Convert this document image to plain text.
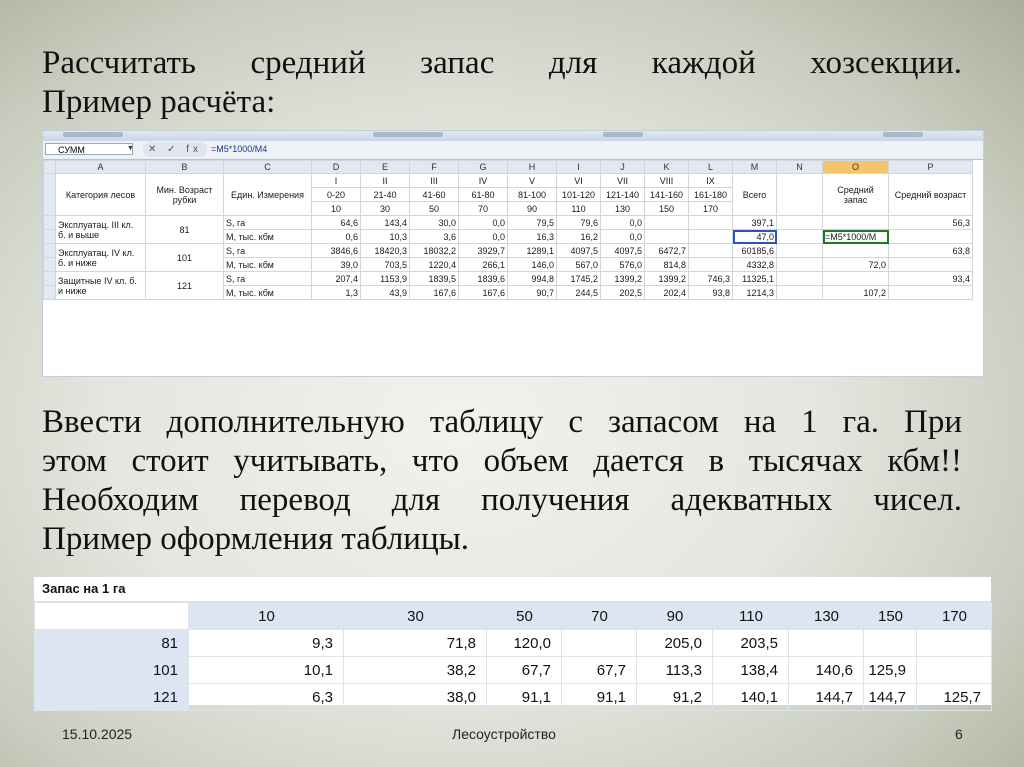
Рассчитать средний запас для каждой хозсекции.
Пример расчёта:
СУММ	▼	✕ ✓ fx =M5*1000/M4
	A	B	C	D	E	F	G	H	I	J	K	L	M	N	O	P
	Категория лесов	Мин. Возраст рубки	Един. Измерения	I	II	III	IV	V	VI	VII	VIII	IX	Всего		Средний запас	Средний возраст
				0-20	21-40	41-60	61-80	81-100	101-120	121-140	141-160	161-180				
				10	30	50	70	90	110	130	150	170				
	Эксплуатац. III кл. б. и выше	81	S, га	64,6	143,4	30,0	0,0	79,5	79,6	0,0			397,1			56,3
			M, тыс. кбм	0,6	10,3	3,6	0,0	16,3	16,2	0,0			47,0		=M5*1000/M	
	Эксплуатац. IV кл. б. и ниже	101	S, га	3846,6	18420,3	18032,2	3929,7	1289,1	4097,5	4097,5	6472,7		60185,6			63,8
			M, тыс. кбм	39,0	703,5	1220,4	266,1	146,0	567,0	576,0	814,8		4332,8		72,0	
	Защитные IV кл. б. и ниже	121	S, га	207,4	1153,9	1839,5	1839,6	994,8	1745,2	1399,2	1399,2	746,3	11325,1			93,4
			M, тыс. кбм	1,3	43,9	167,6	167,6	90,7	244,5	202,5	202,4	93,8	1214,3		107,2	
Ввести дополнительную таблицу с запасом на 1 га. При
этом стоит учитывать, что объем дается в тысячах кбм!!
Необходим перевод для получения адекватных чисел.
Пример оформления таблицы.
Запас на 1 га
	10	30	50	70	90	110	130	150	170
81	9,3	71,8	120,0		205,0	203,5			
101	10,1	38,2	67,7	67,7	113,3	138,4	140,6	125,9	
121	6,3	38,0	91,1	91,1	91,2	140,1	144,7	144,7	125,7
15.10.2025	Лесоустройство	6
